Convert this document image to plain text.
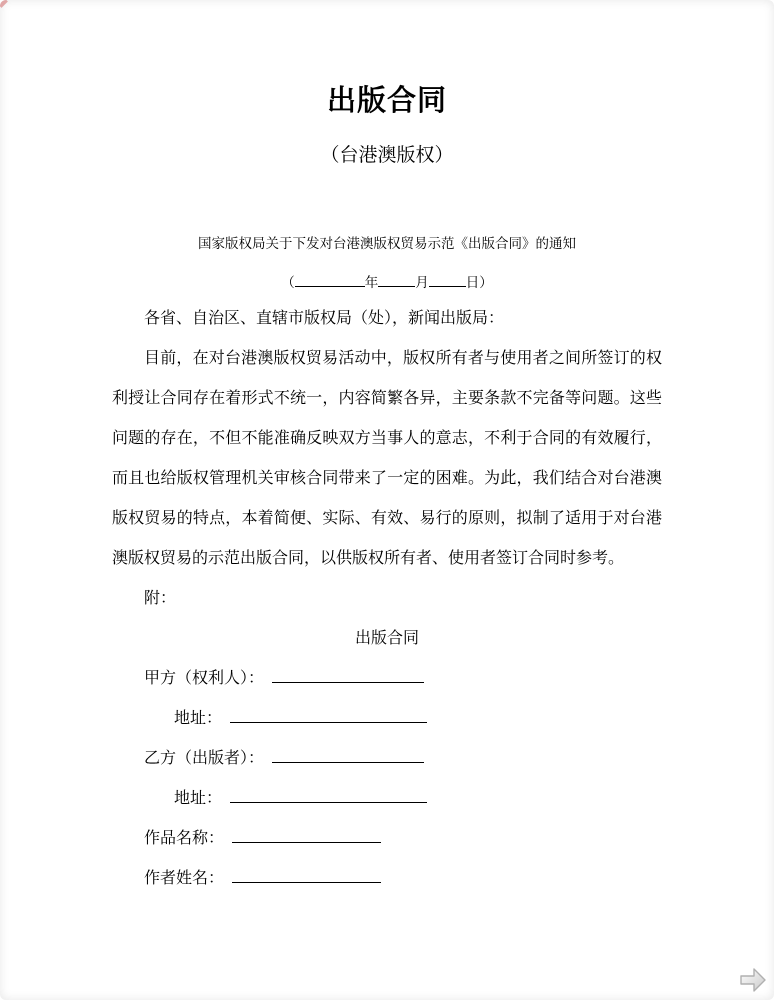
出版合同
（台港澳版权）
国家版权局关于下发对台港澳版权贸易示范《出版合同》的通知
（	年	月	日）

各省、自治区、直辖市版权局（处），新闻出版局：

目前，在对台港澳版权贸易活动中，版权所有者与使用者之间所签订的权利授让合同存在着形式不统一，内容简繁各异，主要条款不完备等问题。这些问题的存在，不但不能准确反映双方当事人的意志，不利于合同的有效履行，而且也给版权管理机关审核合同带来了一定的困难。为此，我们结合对台港澳版权贸易的特点，本着简便、实际、有效、易行的原则，拟制了适用于对台港澳版权贸易的示范出版合同，以供版权所有者、使用者签订合同时参考。

附：

出版合同

甲方（权利人）：
地址：
乙方（出版者）：
地址：
作品名称：
作者姓名：
